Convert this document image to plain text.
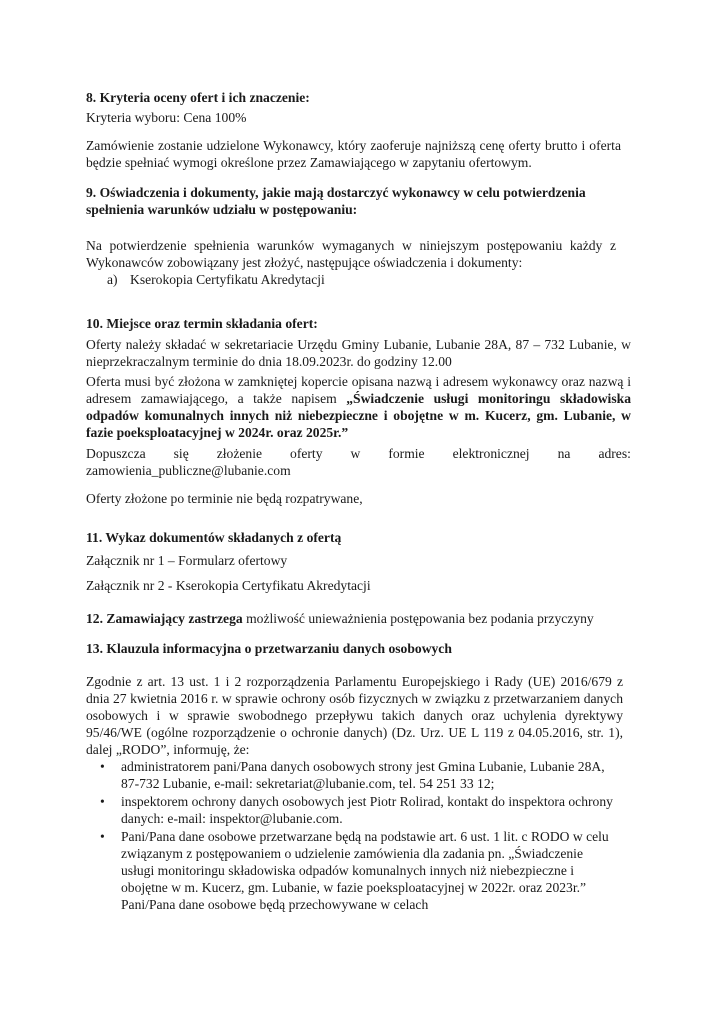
8. Kryteria oceny ofert i ich znaczenie:
Kryteria wyboru: Cena 100%
Zamówienie zostanie udzielone Wykonawcy, który zaoferuje najniższą cenę oferty brutto i oferta będzie spełniać wymogi określone przez Zamawiającego w zapytaniu ofertowym.
9. Oświadczenia i dokumenty, jakie mają dostarczyć wykonawcy w celu potwierdzenia spełnienia warunków udziału w postępowaniu:
Na potwierdzenie spełnienia warunków wymaganych w niniejszym postępowaniu każdy z Wykonawców zobowiązany jest złożyć, następujące oświadczenia i dokumenty:
a) Kserokopia Certyfikatu Akredytacji
10. Miejsce oraz termin składania ofert:
Oferty należy składać w sekretariacie Urzędu Gminy Lubanie, Lubanie 28A, 87 – 732 Lubanie, w nieprzekraczalnym terminie do dnia 18.09.2023r. do godziny 12.00
Oferta musi być złożona w zamkniętej kopercie opisana nazwą i adresem wykonawcy oraz nazwą i adresem zamawiającego, a także napisem „Świadczenie usługi monitoringu składowiska odpadów komunalnych innych niż niebezpieczne i obojętne w m. Kucerz, gm. Lubanie, w fazie poeksploatacyjnej w 2024r. oraz 2025r.”
Dopuszcza się złożenie oferty w formie elektronicznej na adres:
zamowienia_publiczne@lubanie.com
Oferty złożone po terminie nie będą rozpatrywane,
11. Wykaz dokumentów składanych z ofertą
Załącznik nr 1 – Formularz ofertowy
Załącznik nr 2 - Kserokopia Certyfikatu Akredytacji
12. Zamawiający zastrzega możliwość unieważnienia postępowania bez podania przyczyny
13. Klauzula informacyjna o przetwarzaniu danych osobowych
Zgodnie z art. 13 ust. 1 i 2 rozporządzenia Parlamentu Europejskiego i Rady (UE) 2016/679 z dnia 27 kwietnia 2016 r. w sprawie ochrony osób fizycznych w związku z przetwarzaniem danych osobowych i w sprawie swobodnego przepływu takich danych oraz uchylenia dyrektywy 95/46/WE (ogólne rozporządzenie o ochronie danych) (Dz. Urz. UE L 119 z 04.05.2016, str. 1), dalej „RODO”, informuję, że:
• administratorem pani/Pana danych osobowych strony jest Gmina Lubanie, Lubanie 28A, 87-732 Lubanie, e-mail: sekretariat@lubanie.com, tel. 54 251 33 12;
• inspektorem ochrony danych osobowych jest Piotr Rolirad, kontakt do inspektora ochrony danych: e-mail: inspektor@lubanie.com.
• Pani/Pana dane osobowe przetwarzane będą na podstawie art. 6 ust. 1 lit. c RODO w celu związanym z postępowaniem o udzielenie zamówienia dla zadania pn. „Świadczenie usługi monitoringu składowiska odpadów komunalnych innych niż niebezpieczne i obojętne w m. Kucerz, gm. Lubanie, w fazie poeksploatacyjnej w 2022r. oraz 2023r.” Pani/Pana dane osobowe będą przechowywane w celach
